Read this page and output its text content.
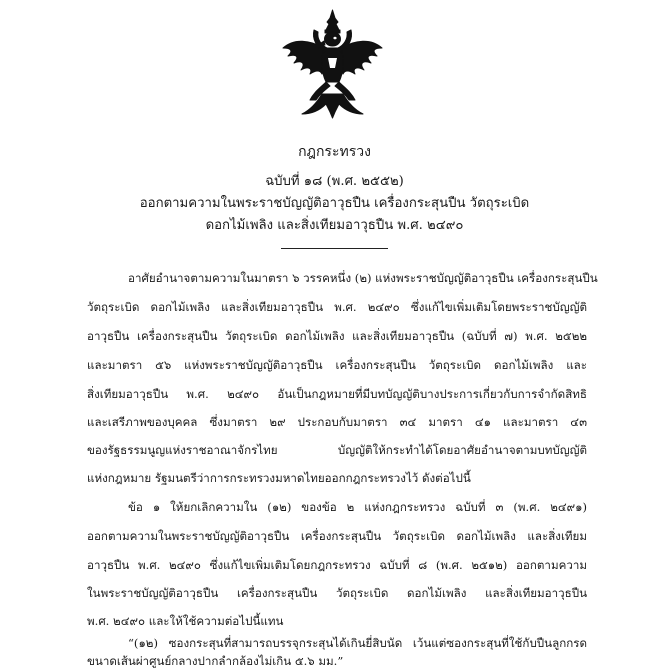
กฎกระทรวง
ฉบับที่ ๑๘ (พ.ศ. ๒๕๕๒)
ออกตามความในพระราชบัญญัติอาวุธปืน เครื่องกระสุนปืน วัตถุระเบิด
ดอกไม้เพลิง และสิ่งเทียมอาวุธปืน พ.ศ. ๒๔๙๐
อาศัยอำนาจตามความในมาตรา ๖ วรรคหนึ่ง (๒) แห่งพระราชบัญญัติอาวุธปืน เครื่องกระสุนปืน
วัตถุระเบิด ดอกไม้เพลิง และสิ่งเทียมอาวุธปืน พ.ศ. ๒๔๙๐ ซึ่งแก้ไขเพิ่มเติมโดยพระราชบัญญัติ
อาวุธปืน เครื่องกระสุนปืน วัตถุระเบิด ดอกไม้เพลิง และสิ่งเทียมอาวุธปืน (ฉบับที่ ๗) พ.ศ. ๒๕๒๒
และมาตรา ๕๖ แห่งพระราชบัญญัติอาวุธปืน เครื่องกระสุนปืน วัตถุระเบิด ดอกไม้เพลิง และ
สิ่งเทียมอาวุธปืน พ.ศ. ๒๔๙๐ อันเป็นกฎหมายที่มีบทบัญญัติบางประการเกี่ยวกับการจำกัดสิทธิ
และเสรีภาพของบุคคล ซึ่งมาตรา ๒๙ ประกอบกับมาตรา ๓๔ มาตรา ๔๑ และมาตรา ๔๓
ของรัฐธรรมนูญแห่งราชอาณาจักรไทย บัญญัติให้กระทำได้โดยอาศัยอำนาจตามบทบัญญัติ
แห่งกฎหมาย รัฐมนตรีว่าการกระทรวงมหาดไทยออกกฎกระทรวงไว้ ดังต่อไปนี้
ข้อ ๑ ให้ยกเลิกความใน (๑๒) ของข้อ ๒ แห่งกฎกระทรวง ฉบับที่ ๓ (พ.ศ. ๒๔๙๑)
ออกตามความในพระราชบัญญัติอาวุธปืน เครื่องกระสุนปืน วัตถุระเบิด ดอกไม้เพลิง และสิ่งเทียม
อาวุธปืน พ.ศ. ๒๔๙๐ ซึ่งแก้ไขเพิ่มเติมโดยกฎกระทรวง ฉบับที่ ๘ (พ.ศ. ๒๕๑๒) ออกตามความ
ในพระราชบัญญัติอาวุธปืน เครื่องกระสุนปืน วัตถุระเบิด ดอกไม้เพลิง และสิ่งเทียมอาวุธปืน
พ.ศ. ๒๔๙๐ และให้ใช้ความต่อไปนี้แทน
“(๑๒) ซองกระสุนที่สามารถบรรจุกระสุนได้เกินยี่สิบนัด เว้นแต่ซองกระสุนที่ใช้กับปืนลูกกรด
ขนาดเส้นผ่าศูนย์กลางปากลำกล้องไม่เกิน ๕.๖ มม.”
